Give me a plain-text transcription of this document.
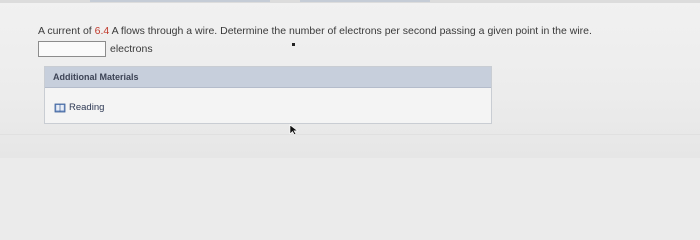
A current of 6.4 A flows through a wire. Determine the number of electrons per second passing a given point in the wire.
electrons
Additional Materials
Reading
